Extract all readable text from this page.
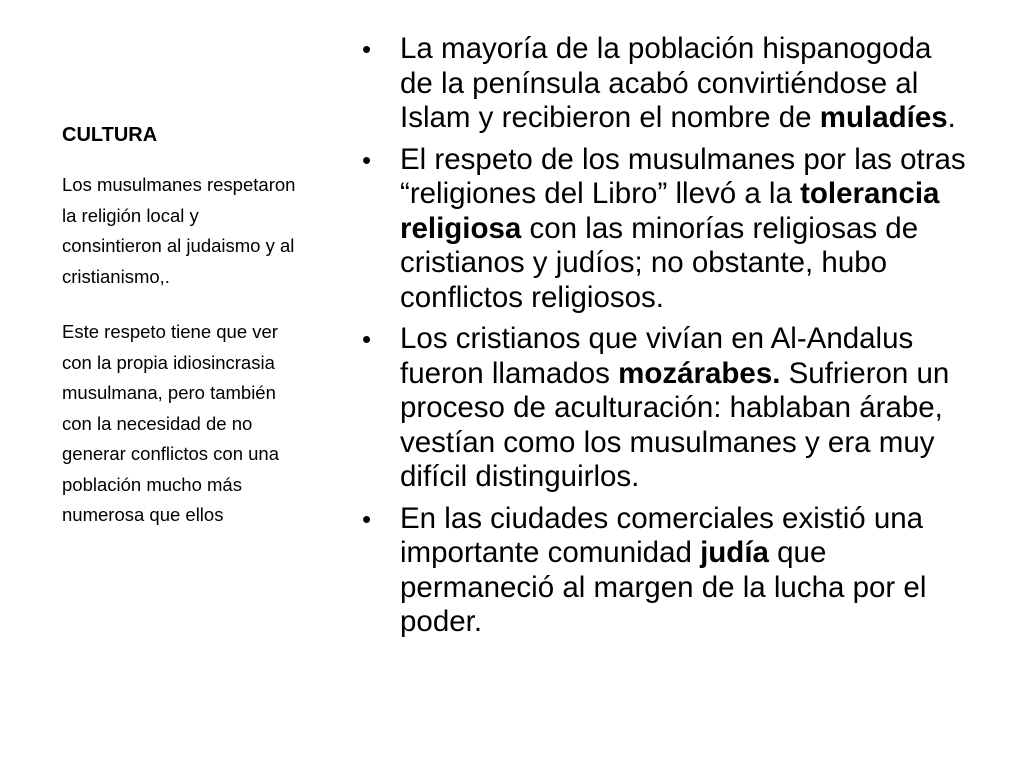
CULTURA

Los musulmanes respetaron la religión local y consintieron al judaismo y al cristianismo,.

Este respeto tiene que ver con la propia idiosincrasia musulmana, pero también con la necesidad de no generar conflictos con una población mucho más numerosa que ellos

• La mayoría de la población hispanogoda de la península acabó convirtiéndose al Islam y recibieron el nombre de muladíes.
• El respeto de los musulmanes por las otras “religiones del Libro” llevó a la tolerancia religiosa con las minorías religiosas de cristianos y judíos; no obstante, hubo conflictos religiosos.
• Los cristianos que vivían en Al-Andalus fueron llamados mozárabes. Sufrieron un proceso de aculturación: hablaban árabe, vestían como los musulmanes y era muy difícil distinguirlos.
• En las ciudades comerciales existió una importante comunidad judía que permaneció al margen de la lucha por el poder.
